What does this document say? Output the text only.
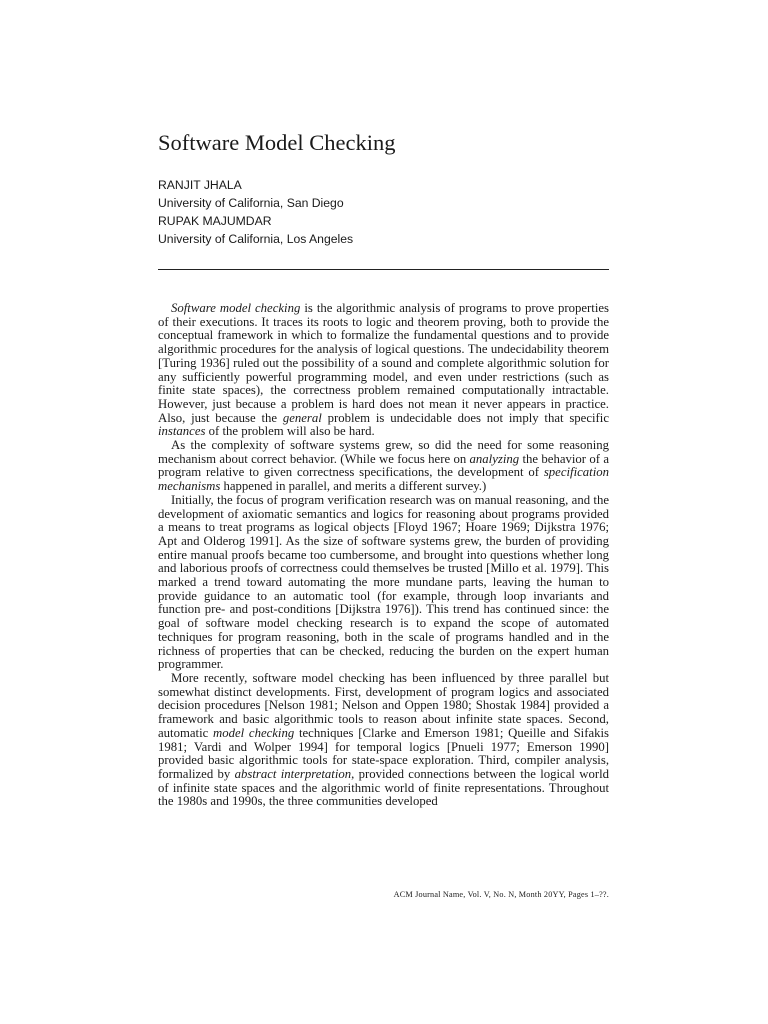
Software Model Checking
RANJIT JHALA
University of California, San Diego
RUPAK MAJUMDAR
University of California, Los Angeles

Software model checking is the algorithmic analysis of programs to prove properties of their executions. It traces its roots to logic and theorem proving, both to provide the conceptual framework in which to formalize the fundamental questions and to provide algorithmic procedures for the analysis of logical questions. The undecidability theorem [Turing 1936] ruled out the possibility of a sound and complete algorithmic solution for any sufficiently powerful programming model, and even under restrictions (such as finite state spaces), the correctness problem remained computationally intractable. However, just because a problem is hard does not mean it never appears in practice. Also, just because the general problem is undecidable does not imply that specific instances of the problem will also be hard.

As the complexity of software systems grew, so did the need for some reasoning mechanism about correct behavior. (While we focus here on analyzing the behavior of a program relative to given correctness specifications, the development of specification mechanisms happened in parallel, and merits a different survey.)

Initially, the focus of program verification research was on manual reasoning, and the development of axiomatic semantics and logics for reasoning about programs provided a means to treat programs as logical objects [Floyd 1967; Hoare 1969; Dijkstra 1976; Apt and Olderog 1991]. As the size of software systems grew, the burden of providing entire manual proofs became too cumbersome, and brought into questions whether long and laborious proofs of correctness could themselves be trusted [Millo et al. 1979]. This marked a trend toward automating the more mundane parts, leaving the human to provide guidance to an automatic tool (for example, through loop invariants and function pre- and post-conditions [Dijkstra 1976]). This trend has continued since: the goal of software model checking research is to expand the scope of automated techniques for program reasoning, both in the scale of programs handled and in the richness of properties that can be checked, reducing the burden on the expert human programmer.

More recently, software model checking has been influenced by three parallel but somewhat distinct developments. First, development of program logics and associated decision procedures [Nelson 1981; Nelson and Oppen 1980; Shostak 1984] provided a framework and basic algorithmic tools to reason about infinite state spaces. Second, automatic model checking techniques [Clarke and Emerson 1981; Queille and Sifakis 1981; Vardi and Wolper 1994] for temporal logics [Pnueli 1977; Emerson 1990] provided basic algorithmic tools for state-space exploration. Third, compiler analysis, formalized by abstract interpretation, provided connections between the logical world of infinite state spaces and the algorithmic world of finite representations. Throughout the 1980s and 1990s, the three communities developed

ACM Journal Name, Vol. V, No. N, Month 20YY, Pages 1–??.
